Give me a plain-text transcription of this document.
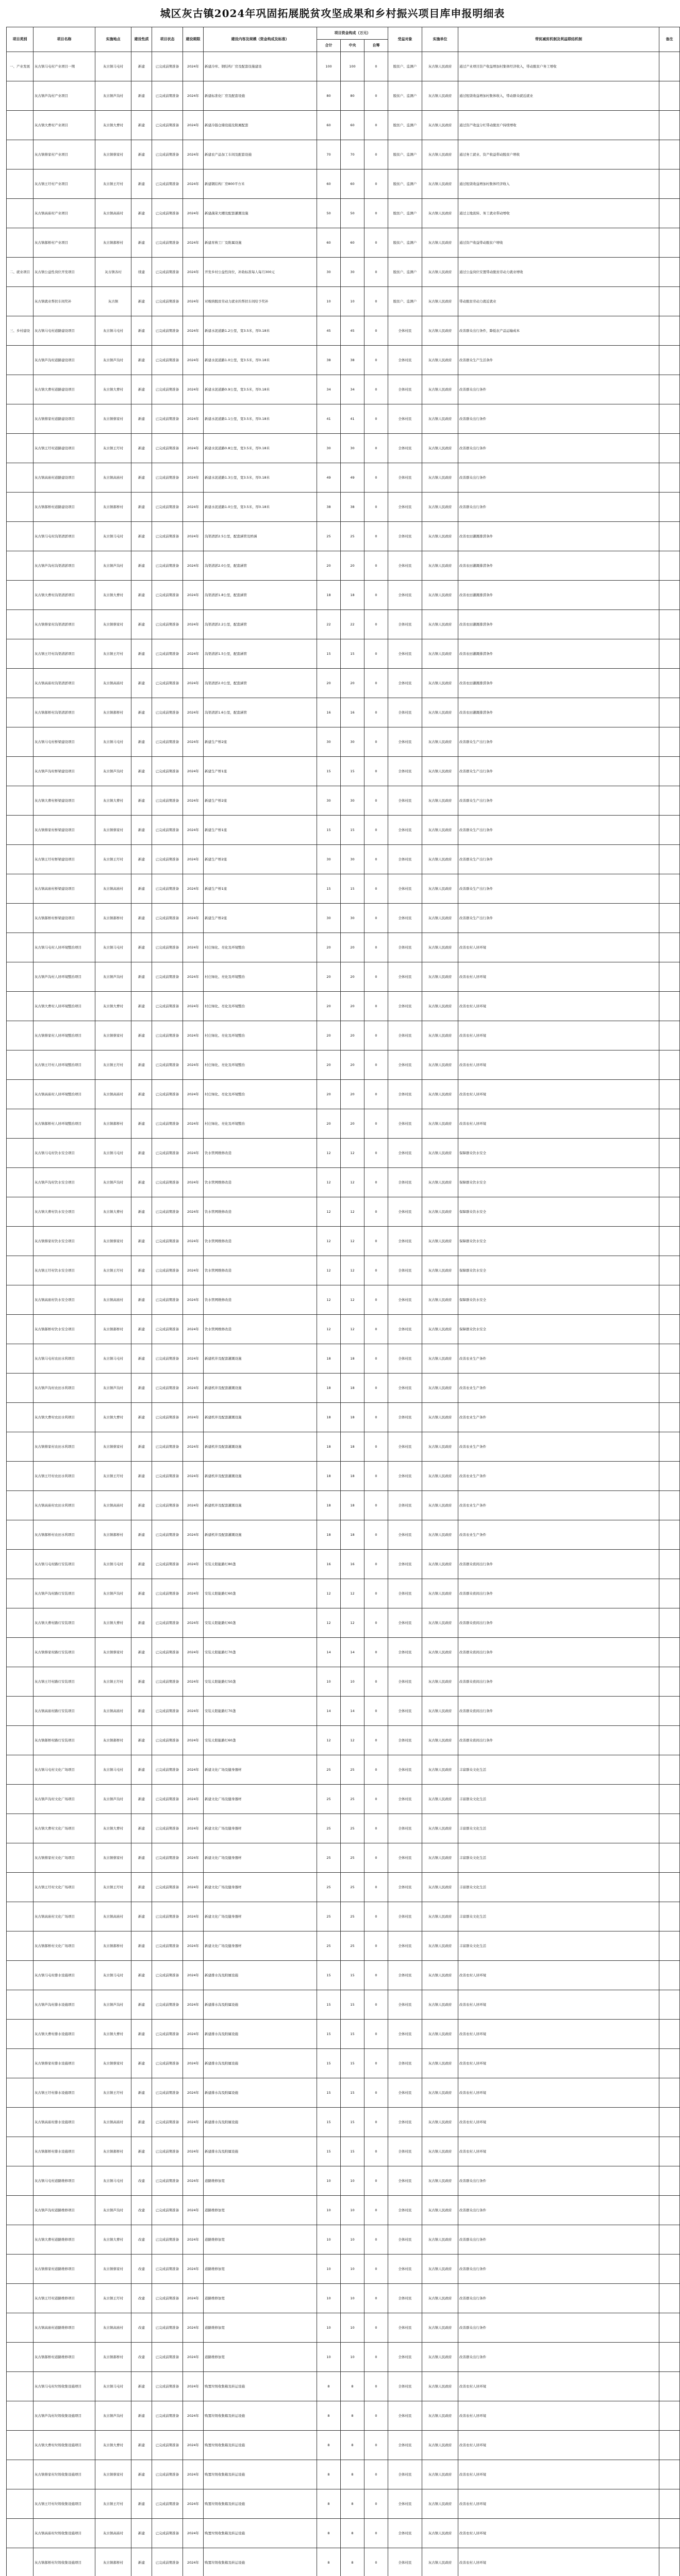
城区灰古镇2024年巩固拓展脱贫攻坚成果和乡村振兴项目库申报明细表
项目类别	项目名称	实施地点	建设性质	项目状态	建设期限	建设内容及规模（资金构成及标准）	项目资金构成（万元）			受益对象	实施单位	带贫减贫机制及利益联结机制	备注
							合计	中央	自筹				
一、产业发展	灰古镇马屯村产业项目一期	灰古镇马屯村	新建	已完成前期准备	2024年	新建冷库、钢结构厂房及配套设施建设	100	100	0	脱贫户、监测户	灰古镇人民政府	通过产业项目资产收益增加村集体经济收入，带动脱贫户务工增收	
	灰古镇芦沟村产业项目	灰古镇芦沟村	新建	已完成前期准备	2024年	新建标准化厂房及配套设施	80	80	0	脱贫户、监测户	灰古镇人民政府	通过租赁收益增加村集体收入，带动群众就近就业	
	灰古镇大曹村产业项目	灰古镇大曹村	新建	已完成前期准备	2024年	新建冷链仓储设施及附属配套	60	60	0	脱贫户、监测户	灰古镇人民政府	通过资产收益分红带动脱贫户持续增收	
	灰古镇蔡家村产业项目	灰古镇蔡家村	新建	已完成前期准备	2024年	新建农产品加工车间及配套设施	70	70	0	脱贫户、监测户	灰古镇人民政府	通过务工就业、资产收益带动脱贫户增收	
	灰古镇王圩村产业项目	灰古镇王圩村	新建	已完成前期准备	2024年	新建钢结构厂房800平方米	60	60	0	脱贫户、监测户	灰古镇人民政府	通过租赁收益增加村集体经济收入	
	灰古镇高庙村产业项目	灰古镇高庙村	新建	已完成前期准备	2024年	新建蔬菜大棚及配套灌溉设施	50	50	0	脱贫户、监测户	灰古镇人民政府	通过土地流转、务工就业带动增收	
	灰古镇郝桥村产业项目	灰古镇郝桥村	新建	已完成前期准备	2024年	新建育秧工厂及附属设施	60	60	0	脱贫户、监测户	灰古镇人民政府	通过资产收益带动脱贫户增收	
二、就业项目	灰古镇公益性岗位开发项目	灰古镇各村	续建	已完成前期准备	2024年	开发乡村公益性岗位，补助标准每人每月300元	30	30	0	脱贫户、监测户	灰古镇人民政府	通过公益岗位安置带动脱贫劳动力就业增收	
	灰古镇就业帮扶车间奖补	灰古镇	新建	已完成前期准备	2024年	对吸纳脱贫劳动力就业的帮扶车间给予奖补	10	10	0	脱贫户、监测户	灰古镇人民政府	带动脱贫劳动力就近就业	
三、乡村建设	灰古镇马屯村道路建设项目	灰古镇马屯村	新建	已完成前期准备	2024年	新建水泥道路1.2公里，宽3.5米，厚0.18米	45	45	0	全体村民	灰古镇人民政府	改善群众出行条件，降低农产品运输成本	
	灰古镇芦沟村道路建设项目	灰古镇芦沟村	新建	已完成前期准备	2024年	新建水泥道路1.0公里，宽3.5米，厚0.18米	38	38	0	全体村民	灰古镇人民政府	改善群众生产生活条件	
	灰古镇大曹村道路建设项目	灰古镇大曹村	新建	已完成前期准备	2024年	新建水泥道路0.9公里，宽3.5米，厚0.18米	34	34	0	全体村民	灰古镇人民政府	改善群众出行条件	
	灰古镇蔡家村道路建设项目	灰古镇蔡家村	新建	已完成前期准备	2024年	新建水泥道路1.1公里，宽3.5米，厚0.18米	41	41	0	全体村民	灰古镇人民政府	改善群众出行条件	
	灰古镇王圩村道路建设项目	灰古镇王圩村	新建	已完成前期准备	2024年	新建水泥道路0.8公里，宽3.5米，厚0.18米	30	30	0	全体村民	灰古镇人民政府	改善群众出行条件	
	灰古镇高庙村道路建设项目	灰古镇高庙村	新建	已完成前期准备	2024年	新建水泥道路1.3公里，宽3.5米，厚0.18米	49	49	0	全体村民	灰古镇人民政府	改善群众出行条件	
	灰古镇郝桥村道路建设项目	灰古镇郝桥村	新建	已完成前期准备	2024年	新建水泥道路1.0公里，宽3.5米，厚0.18米	38	38	0	全体村民	灰古镇人民政府	改善群众出行条件	
	灰古镇马屯村沟渠清淤项目	灰古镇马屯村	新建	已完成前期准备	2024年	沟渠清淤2.5公里，配套涵管及桥涵	25	25	0	全体村民	灰古镇人民政府	改善农田灌溉排涝条件	
	灰古镇芦沟村沟渠清淤项目	灰古镇芦沟村	新建	已完成前期准备	2024年	沟渠清淤2.0公里，配套涵管	20	20	0	全体村民	灰古镇人民政府	改善农田灌溉排涝条件	
	灰古镇大曹村沟渠清淤项目	灰古镇大曹村	新建	已完成前期准备	2024年	沟渠清淤1.8公里，配套涵管	18	18	0	全体村民	灰古镇人民政府	改善农田灌溉排涝条件	
	灰古镇蔡家村沟渠清淤项目	灰古镇蔡家村	新建	已完成前期准备	2024年	沟渠清淤2.2公里，配套涵管	22	22	0	全体村民	灰古镇人民政府	改善农田灌溉排涝条件	
	灰古镇王圩村沟渠清淤项目	灰古镇王圩村	新建	已完成前期准备	2024年	沟渠清淤1.5公里，配套涵管	15	15	0	全体村民	灰古镇人民政府	改善农田灌溉排涝条件	
	灰古镇高庙村沟渠清淤项目	灰古镇高庙村	新建	已完成前期准备	2024年	沟渠清淤2.0公里，配套涵管	20	20	0	全体村民	灰古镇人民政府	改善农田灌溉排涝条件	
	灰古镇郝桥村沟渠清淤项目	灰古镇郝桥村	新建	已完成前期准备	2024年	沟渠清淤1.6公里，配套涵管	16	16	0	全体村民	灰古镇人民政府	改善农田灌溉排涝条件	
	灰古镇马屯村桥梁建设项目	灰古镇马屯村	新建	已完成前期准备	2024年	新建生产桥2座	30	30	0	全体村民	灰古镇人民政府	改善群众生产出行条件	
	灰古镇芦沟村桥梁建设项目	灰古镇芦沟村	新建	已完成前期准备	2024年	新建生产桥1座	15	15	0	全体村民	灰古镇人民政府	改善群众生产出行条件	
	灰古镇大曹村桥梁建设项目	灰古镇大曹村	新建	已完成前期准备	2024年	新建生产桥2座	30	30	0	全体村民	灰古镇人民政府	改善群众生产出行条件	
	灰古镇蔡家村桥梁建设项目	灰古镇蔡家村	新建	已完成前期准备	2024年	新建生产桥1座	15	15	0	全体村民	灰古镇人民政府	改善群众生产出行条件	
	灰古镇王圩村桥梁建设项目	灰古镇王圩村	新建	已完成前期准备	2024年	新建生产桥2座	30	30	0	全体村民	灰古镇人民政府	改善群众生产出行条件	
	灰古镇高庙村桥梁建设项目	灰古镇高庙村	新建	已完成前期准备	2024年	新建生产桥1座	15	15	0	全体村民	灰古镇人民政府	改善群众生产出行条件	
	灰古镇郝桥村桥梁建设项目	灰古镇郝桥村	新建	已完成前期准备	2024年	新建生产桥2座	30	30	0	全体村民	灰古镇人民政府	改善群众生产出行条件	
	灰古镇马屯村人居环境整治项目	灰古镇马屯村	新建	已完成前期准备	2024年	村庄绿化、亮化及环境整治	20	20	0	全体村民	灰古镇人民政府	改善农村人居环境	
	灰古镇芦沟村人居环境整治项目	灰古镇芦沟村	新建	已完成前期准备	2024年	村庄绿化、亮化及环境整治	20	20	0	全体村民	灰古镇人民政府	改善农村人居环境	
	灰古镇大曹村人居环境整治项目	灰古镇大曹村	新建	已完成前期准备	2024年	村庄绿化、亮化及环境整治	20	20	0	全体村民	灰古镇人民政府	改善农村人居环境	
	灰古镇蔡家村人居环境整治项目	灰古镇蔡家村	新建	已完成前期准备	2024年	村庄绿化、亮化及环境整治	20	20	0	全体村民	灰古镇人民政府	改善农村人居环境	
	灰古镇王圩村人居环境整治项目	灰古镇王圩村	新建	已完成前期准备	2024年	村庄绿化、亮化及环境整治	20	20	0	全体村民	灰古镇人民政府	改善农村人居环境	
	灰古镇高庙村人居环境整治项目	灰古镇高庙村	新建	已完成前期准备	2024年	村庄绿化、亮化及环境整治	20	20	0	全体村民	灰古镇人民政府	改善农村人居环境	
	灰古镇郝桥村人居环境整治项目	灰古镇郝桥村	新建	已完成前期准备	2024年	村庄绿化、亮化及环境整治	20	20	0	全体村民	灰古镇人民政府	改善农村人居环境	
	灰古镇马屯村饮水安全项目	灰古镇马屯村	新建	已完成前期准备	2024年	饮水管网维修改造	12	12	0	全体村民	灰古镇人民政府	保障群众饮水安全	
	灰古镇芦沟村饮水安全项目	灰古镇芦沟村	新建	已完成前期准备	2024年	饮水管网维修改造	12	12	0	全体村民	灰古镇人民政府	保障群众饮水安全	
	灰古镇大曹村饮水安全项目	灰古镇大曹村	新建	已完成前期准备	2024年	饮水管网维修改造	12	12	0	全体村民	灰古镇人民政府	保障群众饮水安全	
	灰古镇蔡家村饮水安全项目	灰古镇蔡家村	新建	已完成前期准备	2024年	饮水管网维修改造	12	12	0	全体村民	灰古镇人民政府	保障群众饮水安全	
	灰古镇王圩村饮水安全项目	灰古镇王圩村	新建	已完成前期准备	2024年	饮水管网维修改造	12	12	0	全体村民	灰古镇人民政府	保障群众饮水安全	
	灰古镇高庙村饮水安全项目	灰古镇高庙村	新建	已完成前期准备	2024年	饮水管网维修改造	12	12	0	全体村民	灰古镇人民政府	保障群众饮水安全	
	灰古镇郝桥村饮水安全项目	灰古镇郝桥村	新建	已完成前期准备	2024年	饮水管网维修改造	12	12	0	全体村民	灰古镇人民政府	保障群众饮水安全	
	灰古镇马屯村农田水利项目	灰古镇马屯村	新建	已完成前期准备	2024年	新建机井及配套灌溉设施	18	18	0	全体村民	灰古镇人民政府	改善农业生产条件	
	灰古镇芦沟村农田水利项目	灰古镇芦沟村	新建	已完成前期准备	2024年	新建机井及配套灌溉设施	18	18	0	全体村民	灰古镇人民政府	改善农业生产条件	
	灰古镇大曹村农田水利项目	灰古镇大曹村	新建	已完成前期准备	2024年	新建机井及配套灌溉设施	18	18	0	全体村民	灰古镇人民政府	改善农业生产条件	
	灰古镇蔡家村农田水利项目	灰古镇蔡家村	新建	已完成前期准备	2024年	新建机井及配套灌溉设施	18	18	0	全体村民	灰古镇人民政府	改善农业生产条件	
	灰古镇王圩村农田水利项目	灰古镇王圩村	新建	已完成前期准备	2024年	新建机井及配套灌溉设施	18	18	0	全体村民	灰古镇人民政府	改善农业生产条件	
	灰古镇高庙村农田水利项目	灰古镇高庙村	新建	已完成前期准备	2024年	新建机井及配套灌溉设施	18	18	0	全体村民	灰古镇人民政府	改善农业生产条件	
	灰古镇郝桥村农田水利项目	灰古镇郝桥村	新建	已完成前期准备	2024年	新建机井及配套灌溉设施	18	18	0	全体村民	灰古镇人民政府	改善农业生产条件	
	灰古镇马屯村路灯安装项目	灰古镇马屯村	新建	已完成前期准备	2024年	安装太阳能路灯80盏	16	16	0	全体村民	灰古镇人民政府	改善群众夜间出行条件	
	灰古镇芦沟村路灯安装项目	灰古镇芦沟村	新建	已完成前期准备	2024年	安装太阳能路灯60盏	12	12	0	全体村民	灰古镇人民政府	改善群众夜间出行条件	
	灰古镇大曹村路灯安装项目	灰古镇大曹村	新建	已完成前期准备	2024年	安装太阳能路灯60盏	12	12	0	全体村民	灰古镇人民政府	改善群众夜间出行条件	
	灰古镇蔡家村路灯安装项目	灰古镇蔡家村	新建	已完成前期准备	2024年	安装太阳能路灯70盏	14	14	0	全体村民	灰古镇人民政府	改善群众夜间出行条件	
	灰古镇王圩村路灯安装项目	灰古镇王圩村	新建	已完成前期准备	2024年	安装太阳能路灯50盏	10	10	0	全体村民	灰古镇人民政府	改善群众夜间出行条件	
	灰古镇高庙村路灯安装项目	灰古镇高庙村	新建	已完成前期准备	2024年	安装太阳能路灯70盏	14	14	0	全体村民	灰古镇人民政府	改善群众夜间出行条件	
	灰古镇郝桥村路灯安装项目	灰古镇郝桥村	新建	已完成前期准备	2024年	安装太阳能路灯60盏	12	12	0	全体村民	灰古镇人民政府	改善群众夜间出行条件	
	灰古镇马屯村文化广场项目	灰古镇马屯村	新建	已完成前期准备	2024年	新建文化广场及健身器材	25	25	0	全体村民	灰古镇人民政府	丰富群众文化生活	
	灰古镇芦沟村文化广场项目	灰古镇芦沟村	新建	已完成前期准备	2024年	新建文化广场及健身器材	25	25	0	全体村民	灰古镇人民政府	丰富群众文化生活	
	灰古镇大曹村文化广场项目	灰古镇大曹村	新建	已完成前期准备	2024年	新建文化广场及健身器材	25	25	0	全体村民	灰古镇人民政府	丰富群众文化生活	
	灰古镇蔡家村文化广场项目	灰古镇蔡家村	新建	已完成前期准备	2024年	新建文化广场及健身器材	25	25	0	全体村民	灰古镇人民政府	丰富群众文化生活	
	灰古镇王圩村文化广场项目	灰古镇王圩村	新建	已完成前期准备	2024年	新建文化广场及健身器材	25	25	0	全体村民	灰古镇人民政府	丰富群众文化生活	
	灰古镇高庙村文化广场项目	灰古镇高庙村	新建	已完成前期准备	2024年	新建文化广场及健身器材	25	25	0	全体村民	灰古镇人民政府	丰富群众文化生活	
	灰古镇郝桥村文化广场项目	灰古镇郝桥村	新建	已完成前期准备	2024年	新建文化广场及健身器材	25	25	0	全体村民	灰古镇人民政府	丰富群众文化生活	
	灰古镇马屯村排水设施项目	灰古镇马屯村	新建	已完成前期准备	2024年	新建排水沟及附属设施	15	15	0	全体村民	灰古镇人民政府	改善农村人居环境	
	灰古镇芦沟村排水设施项目	灰古镇芦沟村	新建	已完成前期准备	2024年	新建排水沟及附属设施	15	15	0	全体村民	灰古镇人民政府	改善农村人居环境	
	灰古镇大曹村排水设施项目	灰古镇大曹村	新建	已完成前期准备	2024年	新建排水沟及附属设施	15	15	0	全体村民	灰古镇人民政府	改善农村人居环境	
	灰古镇蔡家村排水设施项目	灰古镇蔡家村	新建	已完成前期准备	2024年	新建排水沟及附属设施	15	15	0	全体村民	灰古镇人民政府	改善农村人居环境	
	灰古镇王圩村排水设施项目	灰古镇王圩村	新建	已完成前期准备	2024年	新建排水沟及附属设施	15	15	0	全体村民	灰古镇人民政府	改善农村人居环境	
	灰古镇高庙村排水设施项目	灰古镇高庙村	新建	已完成前期准备	2024年	新建排水沟及附属设施	15	15	0	全体村民	灰古镇人民政府	改善农村人居环境	
	灰古镇郝桥村排水设施项目	灰古镇郝桥村	新建	已完成前期准备	2024年	新建排水沟及附属设施	15	15	0	全体村民	灰古镇人民政府	改善农村人居环境	
	灰古镇马屯村道路维修项目	灰古镇马屯村	改建	已完成前期准备	2024年	道路维修加宽	10	10	0	全体村民	灰古镇人民政府	改善群众出行条件	
	灰古镇芦沟村道路维修项目	灰古镇芦沟村	改建	已完成前期准备	2024年	道路维修加宽	10	10	0	全体村民	灰古镇人民政府	改善群众出行条件	
	灰古镇大曹村道路维修项目	灰古镇大曹村	改建	已完成前期准备	2024年	道路维修加宽	10	10	0	全体村民	灰古镇人民政府	改善群众出行条件	
	灰古镇蔡家村道路维修项目	灰古镇蔡家村	改建	已完成前期准备	2024年	道路维修加宽	10	10	0	全体村民	灰古镇人民政府	改善群众出行条件	
	灰古镇王圩村道路维修项目	灰古镇王圩村	改建	已完成前期准备	2024年	道路维修加宽	10	10	0	全体村民	灰古镇人民政府	改善群众出行条件	
	灰古镇高庙村道路维修项目	灰古镇高庙村	改建	已完成前期准备	2024年	道路维修加宽	10	10	0	全体村民	灰古镇人民政府	改善群众出行条件	
	灰古镇郝桥村道路维修项目	灰古镇郝桥村	改建	已完成前期准备	2024年	道路维修加宽	10	10	0	全体村民	灰古镇人民政府	改善群众出行条件	
	灰古镇马屯村垃圾收集设施项目	灰古镇马屯村	新建	已完成前期准备	2024年	购置垃圾收集箱及转运设施	8	8	0	全体村民	灰古镇人民政府	改善农村人居环境	
	灰古镇芦沟村垃圾收集设施项目	灰古镇芦沟村	新建	已完成前期准备	2024年	购置垃圾收集箱及转运设施	8	8	0	全体村民	灰古镇人民政府	改善农村人居环境	
	灰古镇大曹村垃圾收集设施项目	灰古镇大曹村	新建	已完成前期准备	2024年	购置垃圾收集箱及转运设施	8	8	0	全体村民	灰古镇人民政府	改善农村人居环境	
	灰古镇蔡家村垃圾收集设施项目	灰古镇蔡家村	新建	已完成前期准备	2024年	购置垃圾收集箱及转运设施	8	8	0	全体村民	灰古镇人民政府	改善农村人居环境	
	灰古镇王圩村垃圾收集设施项目	灰古镇王圩村	新建	已完成前期准备	2024年	购置垃圾收集箱及转运设施	8	8	0	全体村民	灰古镇人民政府	改善农村人居环境	
	灰古镇高庙村垃圾收集设施项目	灰古镇高庙村	新建	已完成前期准备	2024年	购置垃圾收集箱及转运设施	8	8	0	全体村民	灰古镇人民政府	改善农村人居环境	
	灰古镇郝桥村垃圾收集设施项目	灰古镇郝桥村	新建	已完成前期准备	2024年	购置垃圾收集箱及转运设施	8	8	0	全体村民	灰古镇人民政府	改善农村人居环境	
